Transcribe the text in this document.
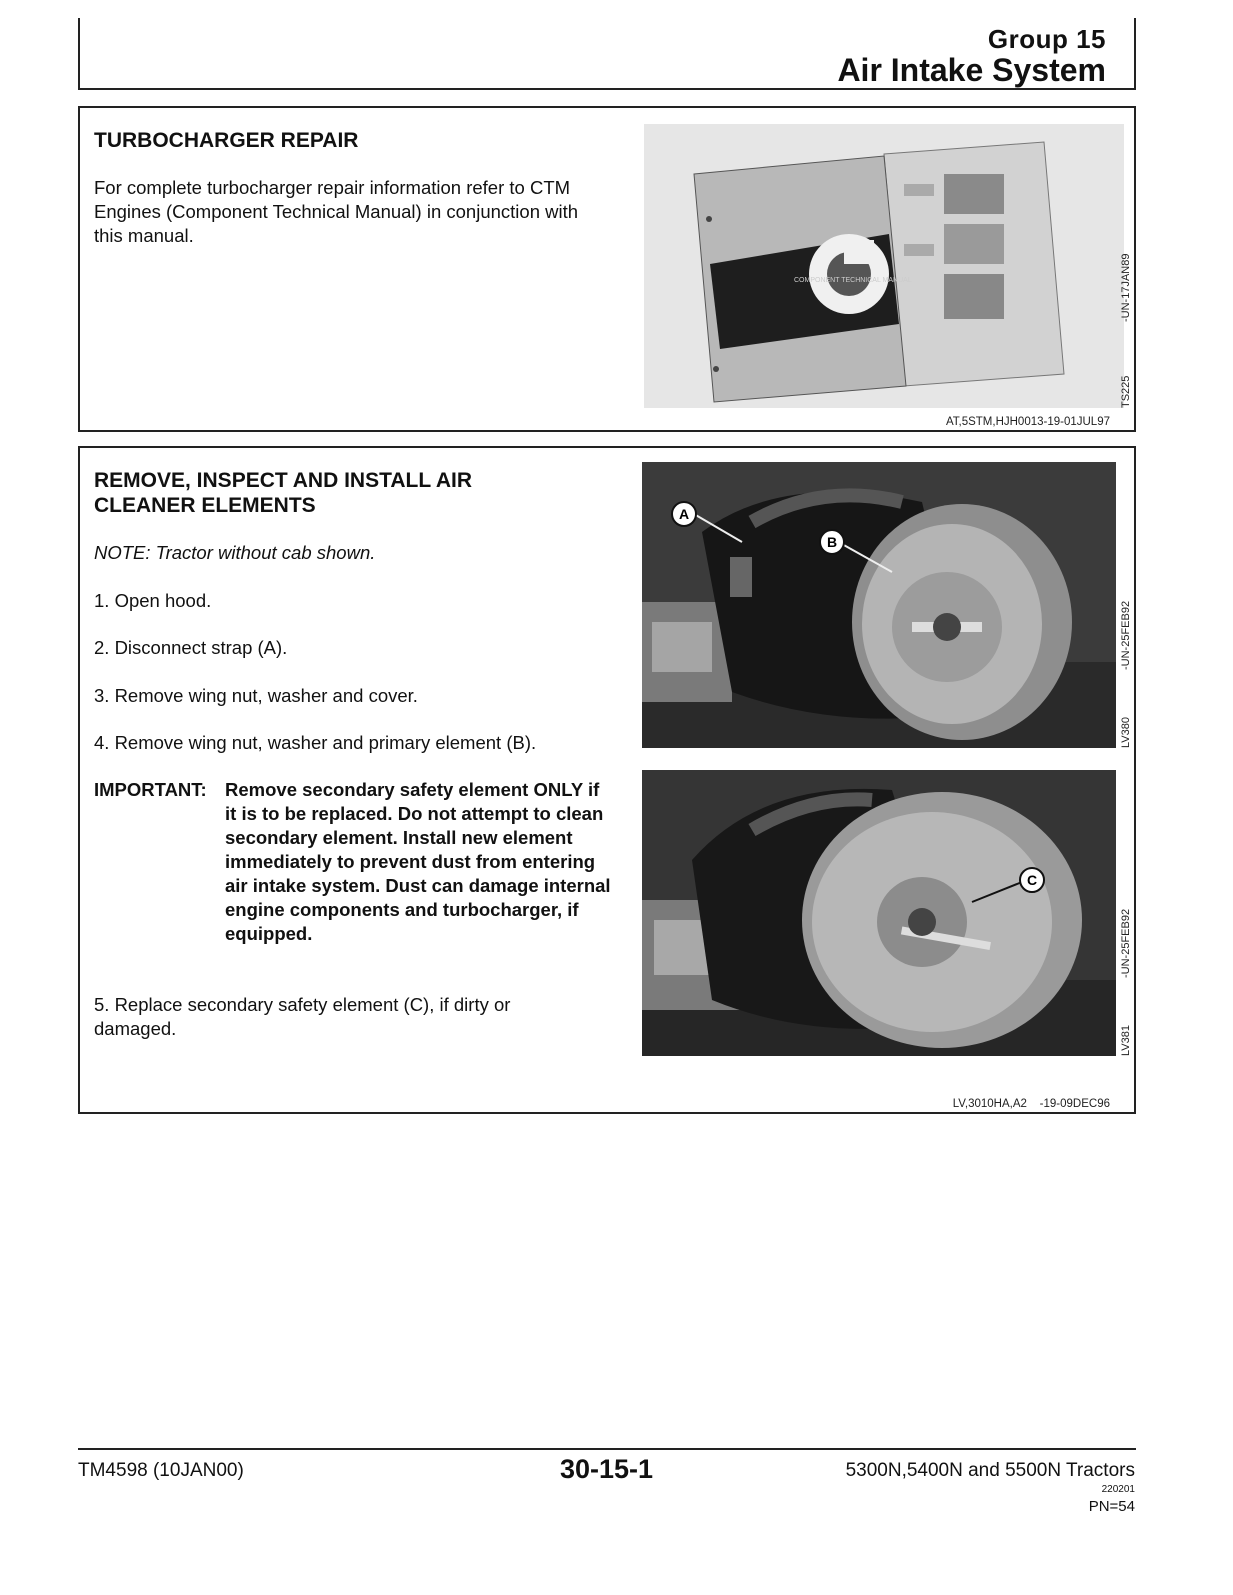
Group 15
Air Intake System
TURBOCHARGER REPAIR
For complete turbocharger repair information refer to CTM Engines (Component Technical Manual) in conjunction with this manual.
COMPONENT TECHNICAL MANUAL
TS225
-UN-17JAN89
AT,5STM,HJH0013-19-01JUL97
REMOVE, INSPECT AND INSTALL AIR
CLEANER ELEMENTS
NOTE: Tractor without cab shown.
1. Open hood.
2. Disconnect strap (A).
3. Remove wing nut, washer and cover.
4. Remove wing nut, washer and primary element (B).
IMPORTANT: Remove secondary safety element ONLY if it is to be replaced. Do not attempt to clean secondary element. Install new element immediately to prevent dust from entering air intake system. Dust can damage internal engine components and turbocharger, if equipped.
5. Replace secondary safety element (C), if dirty or damaged.
A
B
LV380
-UN-25FEB92
C
LV381
-UN-25FEB92
LV,3010HA,A2    -19-09DEC96
TM4598 (10JAN00)	30-15-1	5300N,5400N and 5500N Tractors
220201
PN=54
